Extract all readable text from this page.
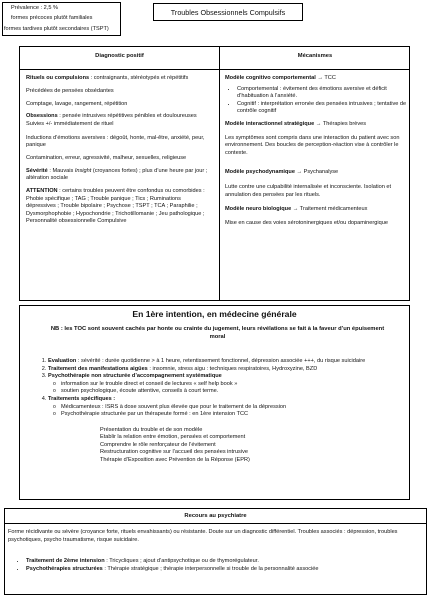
Prévalence : 2,5 %
formes précoces plutôt familiales
formes tardives plutôt secondaires (TSPT)
Troubles Obsessionnels Compulsifs
Diagnostic positif	Mécanismes

Rituels ou compulsions : contraignants, stéréotypés et répétitifs

Précédées de pensées obsédantes

Comptage, lavage, rangement, répétition

Obsessions : pensée intrusives répétitives pénibles et douloureuses
Suivies +/- immédiatement de rituel

Inductions d’émotions aversives : dégoût, honte, mal-être, anxiété, peur, panique

Contamination, erreur, agressivité, malheur, sexuelles, religieuse

Sévérité : Mauvais Insight (croyances fortes) ; plus d’une heure par jour ; altération sociale

ATTENTION : certains troubles peuvent être confondus ou comorbides : Phobie spécifique ; TAG ; Trouble panique ; Tics ; Ruminations dépressives ; Trouble bipolaire ; Psychose ; TSPT ; TCA ; Paraphilie ; Dysmorphophobie ; Hypochondrie ; Trichotillomanie ; Jeu pathologique ; Personnalité obsessionnelle Compulsive

Modèle cognitivo comportemental → TCC

• Comportemental : évitement des émotions aversive et déficit d’habituation à l’anxiété.
• Cognitif : interprétation erronée des pensées intrusives ; tentative de contrôle cognitif

Modèle interactionnel stratégique → Thérapies brèves

Les symptômes sont compris dans une interaction du patient avec son environnement. Des boucles de perception-réaction vise à contrôler le contexte.

Modèle psychodynamique → Psychanalyse

Lutte contre une culpabilité internalisée et inconsciente. Isolation et annulation des pensées par les rituels.

Modèle neuro biologique → Traitement médicamenteux

Mise en cause des voies sérotoninergiques et/ou dopaminergique

En 1ère intention, en médecine générale
NB : les TOC sont souvent cachés par honte ou crainte du jugement, leurs révélations se fait à la faveur d’un épuisement moral
1. Evaluation : sévérité : durée quotidienne > à 1 heure, retentissement fonctionnel, dépression associée +++, du risque suicidaire
2. Traitement des manifestations aigües : insomnie, stress aigu : techniques respiratoires, Hydroxyzine, BZD
3. Psychothérapie non structurée d’accompagnement systématique
o information sur le trouble direct et conseil de lectures « self help book »
o soutien psychologique, écoute attentive, conseils à court terme.
4. Traitements spécifiques :
o Médicamenteux : ISRS à dose souvent plus élevée que pour le traitement de la dépression
o Psychothérapie structurée par un thérapeute formé : en 1ère intension TCC
Présentation du trouble et de son modèle
Etablir la relation entre émotion, pensées et comportement
Comprendre le rôle renforçateur de l’évitement
Restructuration cognitive sur l’accueil des pensées intrusive
Thérapie d’Exposition avec Prévention de la Réponse (EPR)
Recours au psychiatre
Forme récidivante ou sévère (croyance forte, rituels envahissants) ou résistante. Doute sur un diagnostic différentiel. Troubles associés : dépression, troubles psychotiques, psycho traumatisme, risque suicidaire.
• Traitement de 2ème intension : Tricycliques ; ajout d’antipsychotique ou de thymorégulateur.
• Psychothérapies structurées : Thérapie stratégique ; thérapie interpersonnelle si trouble de la personnalité associée
